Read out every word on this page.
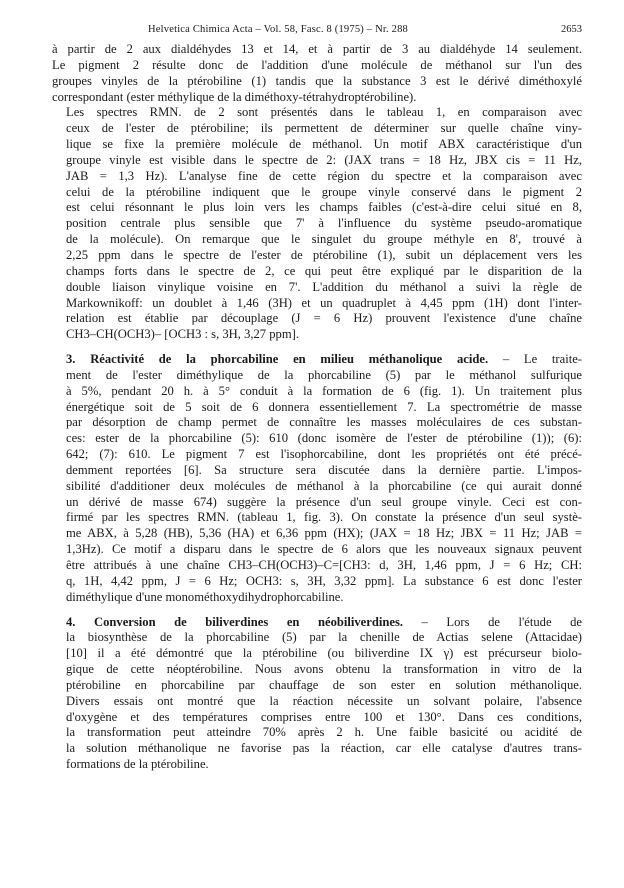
Helvetica Chimica Acta – Vol. 58, Fasc. 8 (1975) – Nr. 288	2653

à partir de 2 aux dialdéhydes 13 et 14, et à partir de 3 au dialdéhyde 14 seulement.
Le pigment 2 résulte donc de l'addition d'une molécule de méthanol sur l'un des
groupes vinyles de la ptérobiline (1) tandis que la substance 3 est le dérivé diméthoxylé
correspondant (ester méthylique de la diméthoxy-tétrahydroptérobiline).

Les spectres RMN. de 2 sont présentés dans le tableau 1, en comparaison avec
ceux de l'ester de ptérobiline; ils permettent de déterminer sur quelle chaîne viny-
lique se fixe la première molécule de méthanol. Un motif ABX caractéristique d'un
groupe vinyle est visible dans le spectre de 2: (JAX trans = 18 Hz, JBX cis = 11 Hz,
JAB = 1,3 Hz). L'analyse fine de cette région du spectre et la comparaison avec
celui de la ptérobiline indiquent que le groupe vinyle conservé dans le pigment 2
est celui résonnant le plus loin vers les champs faibles (c'est-à-dire celui situé en 8,
position centrale plus sensible que 7' à l'influence du système pseudo-aromatique
de la molécule). On remarque que le singulet du groupe méthyle en 8', trouvé à
2,25 ppm dans le spectre de l'ester de ptérobiline (1), subit un déplacement vers les
champs forts dans le spectre de 2, ce qui peut être expliqué par le disparition de la
double liaison vinylique voisine en 7'. L'addition du méthanol a suivi la règle de
Markownikoff: un doublet à 1,46 (3H) et un quadruplet à 4,45 ppm (1H) dont l'inter-
relation est établie par découplage (J = 6 Hz) prouvent l'existence d'une chaîne
CH3–CH(OCH3)– [OCH3 : s, 3H, 3,27 ppm].

3. Réactivité de la phorcabiline en milieu méthanolique acide. – Le traite-
ment de l'ester diméthylique de la phorcabiline (5) par le méthanol sulfurique
à 5%, pendant 20 h. à 5° conduit à la formation de 6 (fig. 1). Un traitement plus
énergétique soit de 5 soit de 6 donnera essentiellement 7. La spectrométrie de masse
par désorption de champ permet de connaître les masses moléculaires de ces substan-
ces: ester de la phorcabiline (5): 610 (donc isomère de l'ester de ptérobiline (1)); (6):
642; (7): 610. Le pigment 7 est l'isophorcabiline, dont les propriétés ont été précé-
demment reportées [6]. Sa structure sera discutée dans la dernière partie. L'impos-
sibilité d'additioner deux molécules de méthanol à la phorcabiline (ce qui aurait donné
un dérivé de masse 674) suggère la présence d'un seul groupe vinyle. Ceci est con-
firmé par les spectres RMN. (tableau 1, fig. 3). On constate la présence d'un seul systè-
me ABX, à 5,28 (HB), 5,36 (HA) et 6,36 ppm (HX); (JAX = 18 Hz; JBX = 11 Hz; JAB =
1,3Hz). Ce motif a disparu dans le spectre de 6 alors que les nouveaux signaux peuvent
être attribués à une chaîne CH3–CH(OCH3)–C=[CH3: d, 3H, 1,46 ppm, J = 6 Hz; CH:
q, 1H, 4,42 ppm, J = 6 Hz; OCH3: s, 3H, 3,32 ppm]. La substance 6 est donc l'ester
diméthylique d'une monométhoxydihydrophorcabiline.

4. Conversion de biliverdines en néobiliverdines. – Lors de l'étude de
la biosynthèse de la phorcabiline (5) par la chenille de Actias selene (Attacidae)
[10] il a été démontré que la ptérobiline (ou biliverdine IX γ) est précurseur biolo-
gique de cette néoptérobiline. Nous avons obtenu la transformation in vitro de la
ptérobiline en phorcabiline par chauffage de son ester en solution méthanolique.
Divers essais ont montré que la réaction nécessite un solvant polaire, l'absence
d'oxygène et des températures comprises entre 100 et 130°. Dans ces conditions,
la transformation peut atteindre 70% après 2 h. Une faible basicité ou acidité de
la solution méthanolique ne favorise pas la réaction, car elle catalyse d'autres trans-
formations de la ptérobiline.
